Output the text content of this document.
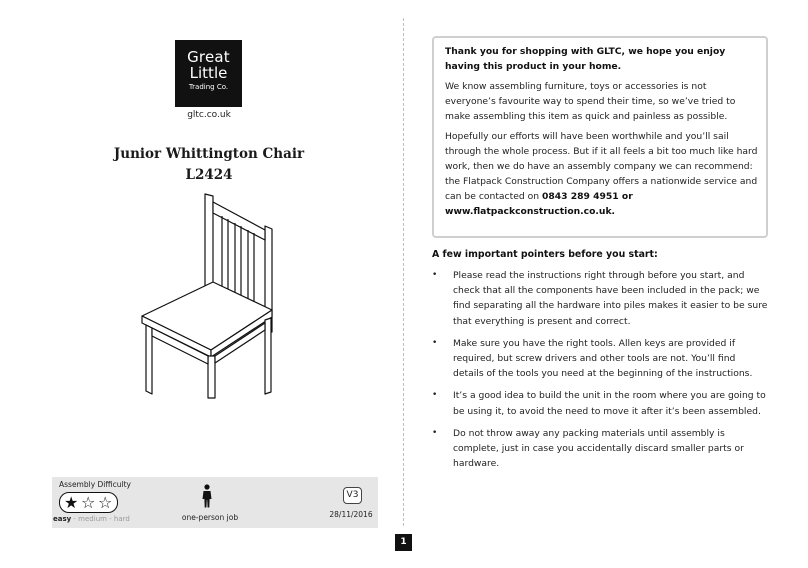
Great
Little
Trading Co.
gltc.co.uk
Junior Whittington Chair
L2424
Assembly Difficulty
★ ☆ ☆
easy - medium - hard	one-person job
V3
28/11/2016
1

Thank you for shopping with GLTC, we hope you enjoy having this product in your home.

We know assembling furniture, toys or accessories is not everyone’s favourite way to spend their time, so we’ve tried to make assembling this item as quick and painless as possible.

Hopefully our efforts will have been worthwhile and you’ll sail through the whole process. But if it all feels a bit too much like hard work, then we do have an assembly company we can recommend: the Flatpack Construction Company offers a nationwide service and can be contacted on 0843 289 4951 or www.flatpackconstruction.co.uk.

A few important pointers before you start:
• Please read the instructions right through before you start, and check that all the components have been included in the pack; we find separating all the hardware into piles makes it easier to be sure that everything is present and correct.
• Make sure you have the right tools. Allen keys are provided if required, but screw drivers and other tools are not. You’ll find details of the tools you need at the beginning of the instructions.
• It’s a good idea to build the unit in the room where you are going to be using it, to avoid the need to move it after it’s been assembled.
• Do not throw away any packing materials until assembly is complete, just in case you accidentally discard smaller parts or hardware.
